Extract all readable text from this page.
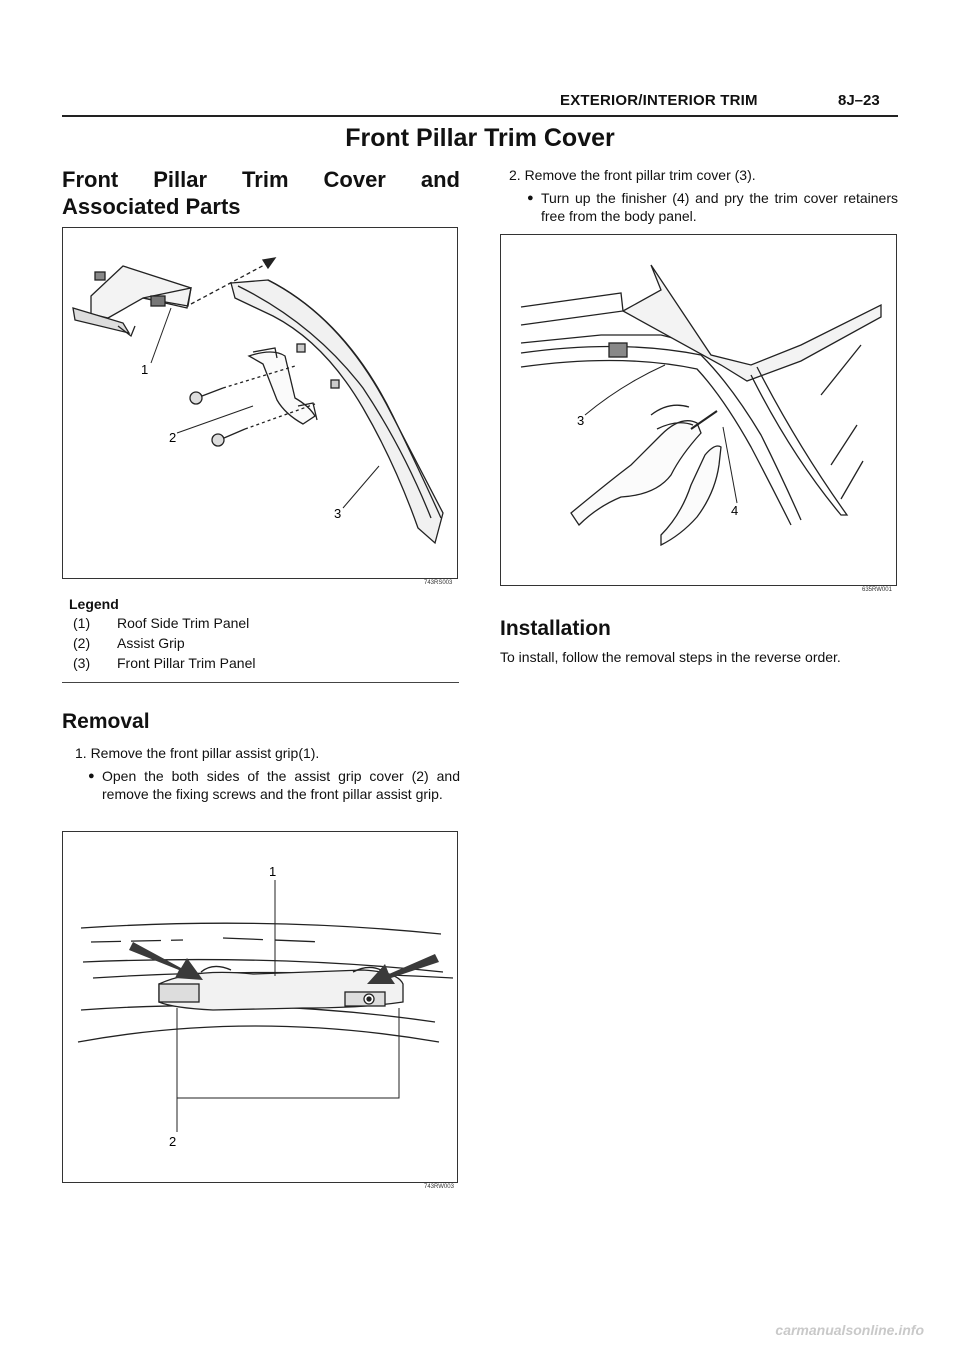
EXTERIOR/INTERIOR TRIM	8J–23
Front Pillar Trim Cover
Front Pillar Trim Cover and Associated Parts
1
2
3
743RS003
Legend
(1) Roof Side Trim Panel
(2) Assist Grip
(3) Front Pillar Trim Panel
Removal
1. Remove the front pillar assist grip(1).
● Open the both sides of the assist grip cover (2) and remove the fixing screws and the front pillar assist grip.
1
2
743RW003
2. Remove the front pillar trim cover (3).
● Turn up the finisher (4) and pry the trim cover retainers free from the body panel.
3
4
635RW001
Installation
To install, follow the removal steps in the reverse order.
carmanualsonline.info
